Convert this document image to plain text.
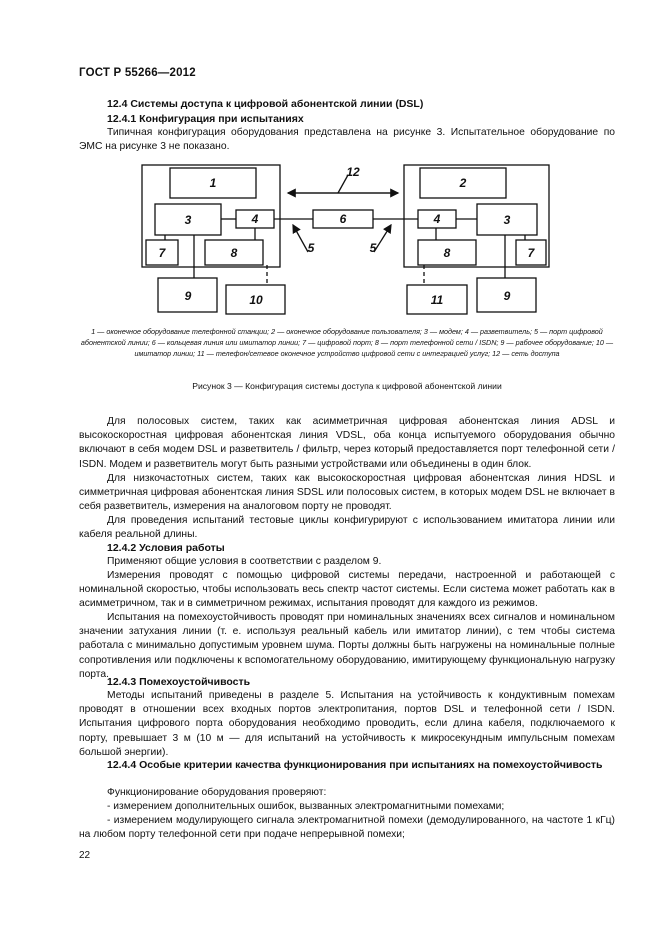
ГОСТ Р 55266—2012
12.4 Системы доступа к цифровой абонентской линии (DSL)
12.4.1 Конфигурация при испытаниях
Типичная конфигурация оборудования представлена на рисунке 3. Испытательное оборудование по ЭМС на рисунке 3 не показано.
1	2
3	3
4	4
6
7	7
8	8
9	9
10	11
12
5	5
1 — оконечное оборудование телефонной станции; 2 — оконечное оборудование пользователя; 3 — модем; 4 — разветвитель; 5 — порт цифровой абонентской линии; 6 — кольцевая линия или имитатор линии; 7 — цифровой порт; 8 — порт телефонной сети / ISDN; 9 — рабочее оборудование; 10 — имитатор линии; 11 — телефон/сетевое оконечное устройство цифровой сети с интеграцией услуг; 12 — сеть доступа
Рисунок 3 — Конфигурация системы доступа к цифровой абонентской линии
Для полосовых систем, таких как асимметричная цифровая абонентская линия ADSL и высокоскоростная цифровая абонентская линия VDSL, оба конца испытуемого оборудования обычно включают в себя модем DSL и разветвитель / фильтр, через который предоставляется порт телефонной сети / ISDN. Модем и разветвитель могут быть разными устройствами или объединены в один блок.
Для низкочастотных систем, таких как высокоскоростная цифровая абонентская линия HDSL и симметричная цифровая абонентская линия SDSL или полосовых систем, в которых модем DSL не включает в себя разветвитель, измерения на аналоговом порту не проводят.
Для проведения испытаний тестовые циклы конфигурируют с использованием имитатора линии или кабеля реальной длины.
12.4.2 Условия работы
Применяют общие условия в соответствии с разделом 9.
Измерения проводят с помощью цифровой системы передачи, настроенной и работающей с номинальной скоростью, чтобы использовать весь спектр частот системы. Если система может работать как в асимметричном, так и в симметричном режимах, испытания проводят для каждого из режимов.
Испытания на помехоустойчивость проводят при номинальных значениях всех сигналов и номинальном значении затухания линии (т. е. используя реальный кабель или имитатор линии), с тем чтобы система работала с минимально допустимым уровнем шума. Порты должны быть нагружены на номинальные полные сопротивления или подключены к вспомогательному оборудованию, имитирующему функциональную нагрузку порта.
12.4.3 Помехоустойчивость
Методы испытаний приведены в разделе 5. Испытания на устойчивость к кондуктивным помехам проводят в отношении всех входных портов электропитания, портов DSL и телефонной сети / ISDN. Испытания цифрового порта оборудования необходимо проводить, если длина кабеля, подключаемого к порту, превышает 3 м (10 м — для испытаний на устойчивость к микросекундным импульсным помехам большой энергии).
12.4.4 Особые критерии качества функционирования при испытаниях на помехоустойчивость
Функционирование оборудования проверяют:
- измерением дополнительных ошибок, вызванных электромагнитными помехами;
- измерением модулирующего сигнала электромагнитной помехи (демодулированного, на частоте 1 кГц) на любом порту телефонной сети при подаче непрерывной помехи;
22
